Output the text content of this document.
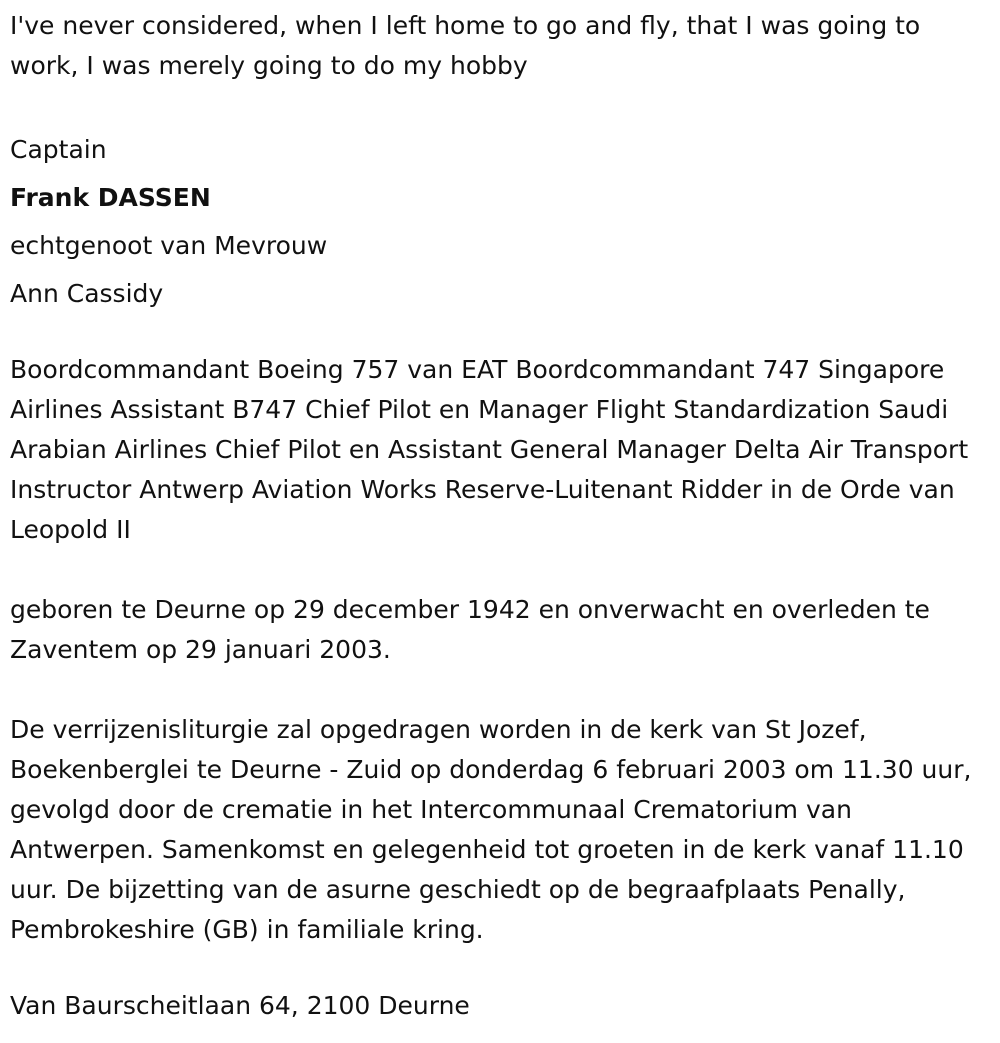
I've never considered, when I left home to go and fly, that I was going to work, I was merely going to do my hobby

Captain

Frank DASSEN

echtgenoot van Mevrouw

Ann Cassidy

Boordcommandant Boeing 757 van EAT Boordcommandant 747 Singapore Airlines Assistant B747 Chief Pilot en Manager Flight Standardization Saudi Arabian Airlines Chief Pilot en Assistant General Manager Delta Air Transport Instructor Antwerp Aviation Works Reserve-Luitenant Ridder in de Orde van Leopold II

geboren te Deurne op 29 december 1942 en onverwacht en overleden te Zaventem op 29 januari 2003.

De verrijzenisliturgie zal opgedragen worden in de kerk van St Jozef, Boekenberglei te Deurne - Zuid op donderdag 6 februari 2003 om 11.30 uur, gevolgd door de crematie in het Intercommunaal Crematorium van Antwerpen. Samenkomst en gelegenheid tot groeten in de kerk vanaf 11.10 uur. De bijzetting van de asurne geschiedt op de begraafplaats Penally, Pembrokeshire (GB) in familiale kring.

Van Baurscheitlaan 64, 2100 Deurne
